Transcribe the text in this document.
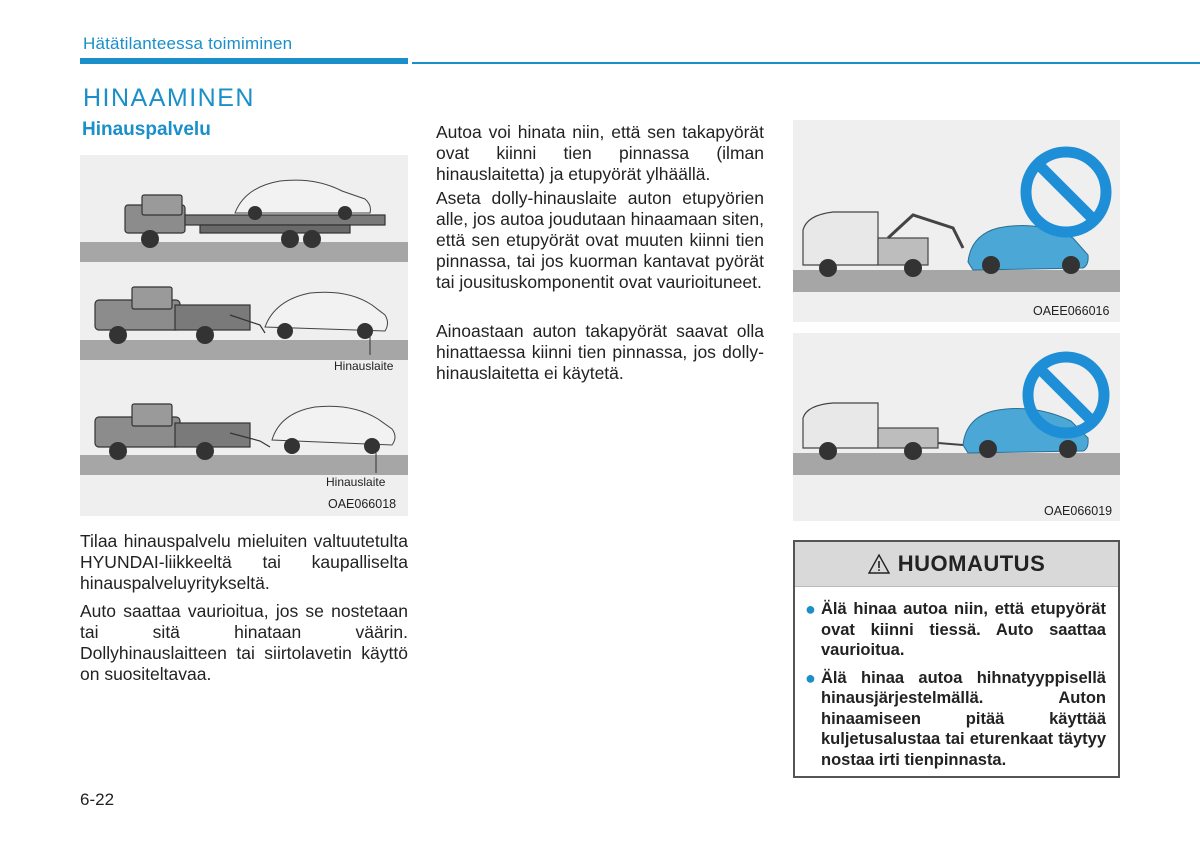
Hätätilanteessa toimiminen
HINAAMINEN
Hinauspalvelu
Hinauslaite
Hinauslaite
OAE066018
OAEE066016
OAE066019

Tilaa hinauspalvelu mieluiten valtuutetulta HYUNDAI-liikkeeltä tai kaupalliselta hinauspalveluyritykseltä.

Auto saattaa vaurioitua, jos se nostetaan tai sitä hinataan väärin. Dollyhinauslaitteen tai siirtolavetin käyttö on suositeltavaa.

Autoa voi hinata niin, että sen takapyörät ovat kiinni tien pinnassa (ilman hinauslaitetta) ja etupyörät ylhäällä.

Aseta dolly-hinauslaite auton etupyörien alle, jos autoa joudutaan hinaamaan siten, että sen etupyörät ovat muuten kiinni tien pinnassa, tai jos kuorman kantavat pyörät tai jousituskomponentit ovat vaurioituneet.

Ainoastaan auton takapyörät saavat olla hinattaessa kiinni tien pinnassa, jos dolly-hinauslaitetta ei käytetä.

HUOMAUTUS
● Älä hinaa autoa niin, että etupyörät ovat kiinni tiessä. Auto saattaa vaurioitua.
● Älä hinaa autoa hihnatyyppisellä hinausjärjestelmällä. Auton hinaamiseen pitää käyttää kuljetusalustaa tai eturenkaat täytyy nostaa irti tienpinnasta.
6-22
